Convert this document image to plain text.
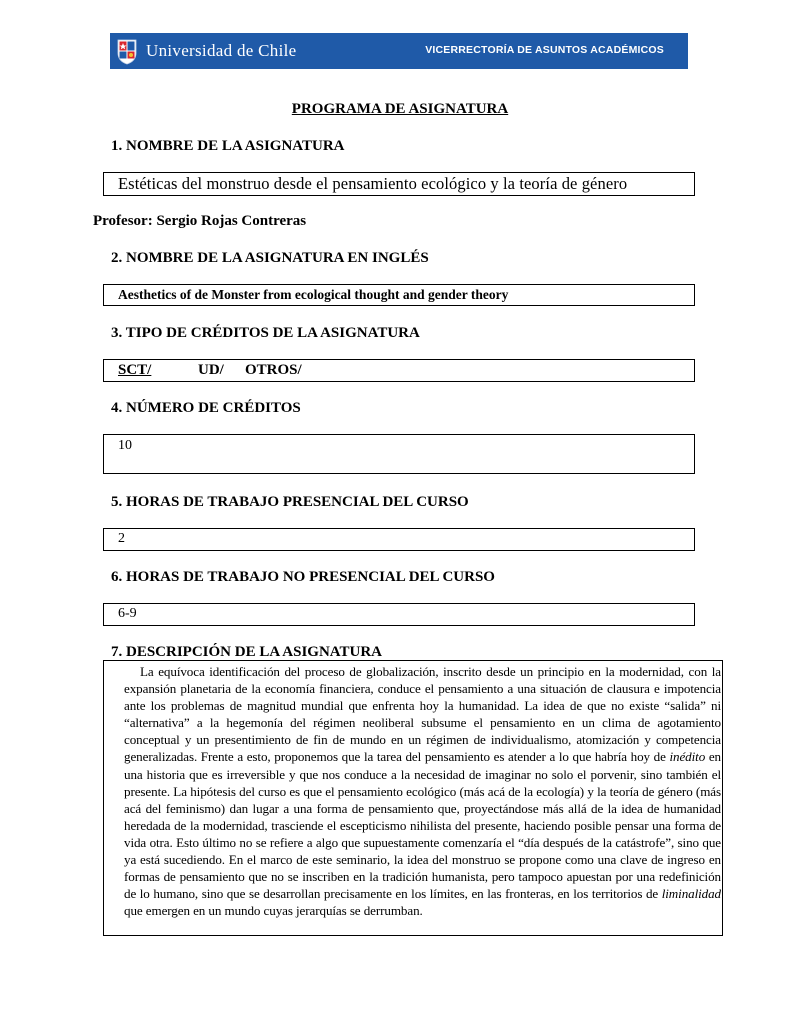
Universidad de Chile	VICERRECTORÍA DE ASUNTOS ACADÉMICOS
PROGRAMA DE ASIGNATURA
1. NOMBRE DE LA ASIGNATURA
Estéticas del monstruo desde el pensamiento ecológico y la teoría de género
Profesor: Sergio Rojas Contreras
2. NOMBRE DE LA ASIGNATURA EN INGLÉS
Aesthetics of de Monster from ecological thought and gender theory
3. TIPO DE CRÉDITOS DE LA ASIGNATURA
SCT/	UD/ OTROS/
4. NÚMERO DE CRÉDITOS
10
5. HORAS DE TRABAJO PRESENCIAL DEL CURSO
2
6. HORAS DE TRABAJO NO PRESENCIAL DEL CURSO
6-9
7. DESCRIPCIÓN DE LA ASIGNATURA

La equívoca identificación del proceso de globalización, inscrito desde un principio en la modernidad, con la expansión planetaria de la economía financiera, conduce el pensamiento a una situación de clausura e impotencia ante los problemas de magnitud mundial que enfrenta hoy la humanidad. La idea de que no existe “salida” ni “alternativa” a la hegemonía del régimen neoliberal subsume el pensamiento en un clima de agotamiento conceptual y un presentimiento de fin de mundo en un régimen de individualismo, atomización y competencia generalizadas. Frente a esto, proponemos que la tarea del pensamiento es atender a lo que habría hoy de inédito en una historia que es irreversible y que nos conduce a la necesidad de imaginar no solo el porvenir, sino también el presente. La hipótesis del curso es que el pensamiento ecológico (más acá de la ecología) y la teoría de género (más acá del feminismo) dan lugar a una forma de pensamiento que, proyectándose más allá de la idea de humanidad heredada de la modernidad, trasciende el escepticismo nihilista del presente, haciendo posible pensar una forma de vida otra. Esto último no se refiere a algo que supuestamente comenzaría el “día después de la catástrofe”, sino que ya está sucediendo. En el marco de este seminario, la idea del monstruo se propone como una clave de ingreso en formas de pensamiento que no se inscriben en la tradición humanista, pero tampoco apuestan por una redefinición de lo humano, sino que se desarrollan precisamente en los límites, en las fronteras, en los territorios de liminalidad que emergen en un mundo cuyas jerarquías se derrumban.
